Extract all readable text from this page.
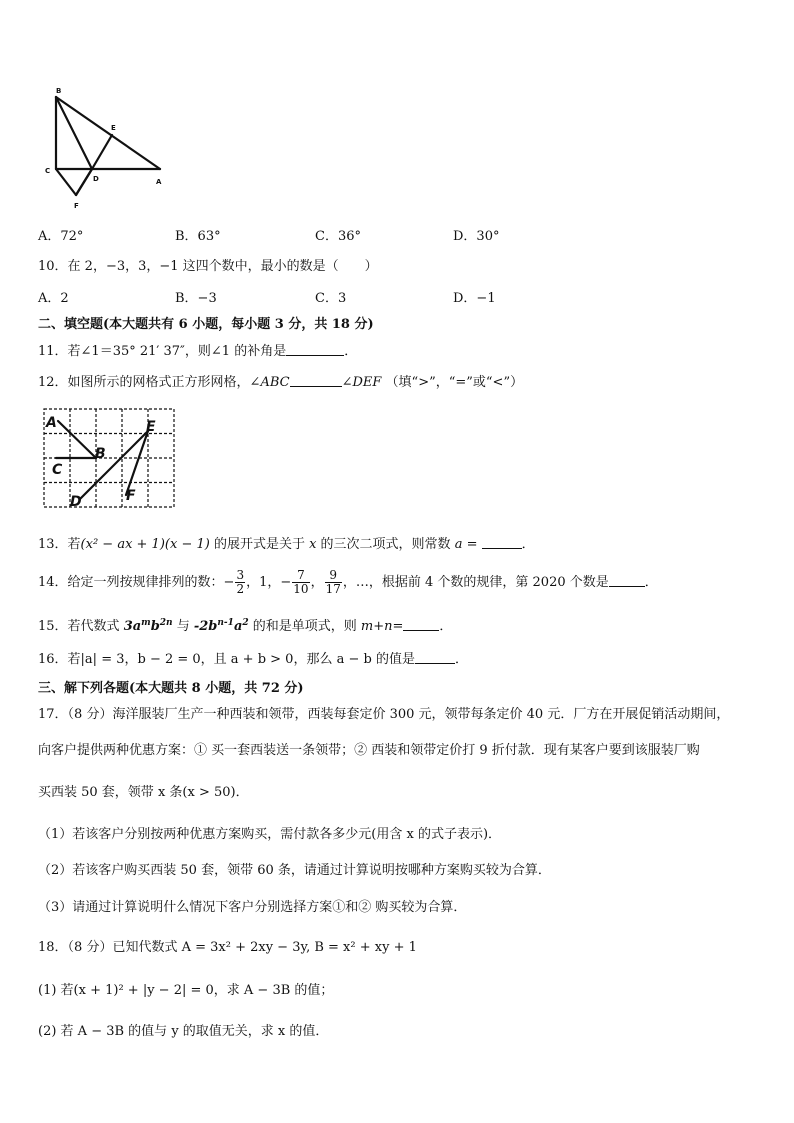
B
E
C
D	A
F
A．72°	B．63°	C．36°	D．30°
10．在 2，−3，3，−1 这四个数中，最小的数是（　　）
A．2	B．−3	C．3	D．−1
二、填空题(本大题共有 6 小题，每小题 3 分，共 18 分)
11．若∠1＝35° 21′ 37″，则∠1 的补角是	．
12．如图所示的网格式正方形网格，∠ABC	∠DEF （填“>”，“=”或“<”）
A
B
C
D
E
F
13．若(x² − ax + 1)(x − 1) 的展开式是关于 x 的三次二项式，则常数 a =	．
14．给定一列按规律排列的数：− $\frac{3}{2}$ ，1，− $\frac{7}{10}$ ， $\frac{9}{17}$ ，…，根据前 4 个数的规律，第 2020 个数是	．
15．若代数式 $3a^mb^{2n}$ 与 $-2b^{n-1}a^2$ 的和是单项式，则 m+n=	．
16．若|a| = 3，b − 2 = 0，且 a + b > 0，那么 a − b 的值是	．
三、解下列各题(本大题共 8 小题，共 72 分)
17．（8 分）海洋服装厂生产一种西装和领带，西装每套定价 300 元，领带每条定价 40 元．厂方在开展促销活动期间，
向客户提供两种优惠方案：① 买一套西装送一条领带；② 西装和领带定价打 9 折付款．现有某客户要到该服装厂购
买西装 50 套，领带 x 条(x > 50)．
（1）若该客户分别按两种优惠方案购买，需付款各多少元(用含 x 的式子表示)．
（2）若该客户购买西装 50 套，领带 60 条，请通过计算说明按哪种方案购买较为合算．
（3）请通过计算说明什么情况下客户分别选择方案①和② 购买较为合算．
18．（8 分）已知代数式 A = 3x² + 2xy − 3y, B = x² + xy + 1
(1) 若(x + 1)² + |y − 2| = 0，求 A − 3B 的值；
(2) 若 A − 3B 的值与 y 的取值无关，求 x 的值．
